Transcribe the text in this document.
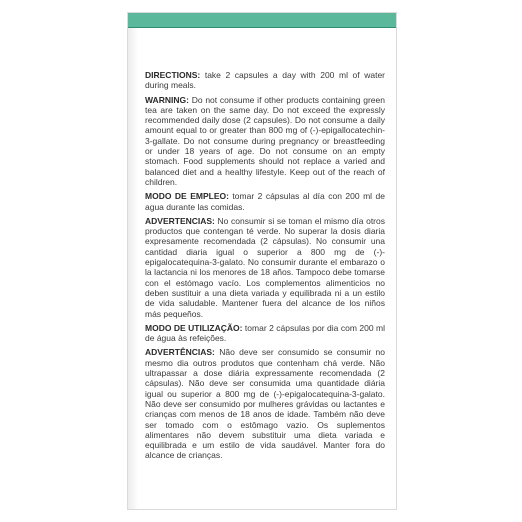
DIRECTIONS: take 2 capsules a day with 200 ml of water during meals.

WARNING: Do not consume if other products containing green tea are taken on the same day. Do not exceed the expressly recommended daily dose (2 capsules). Do not consume a daily amount equal to or greater than 800 mg of (-)-epigallocatechin-3-gallate. Do not consume during pregnancy or breastfeeding or under 18 years of age. Do not consume on an empty stomach. Food supplements should not replace a varied and balanced diet and a healthy lifestyle. Keep out of the reach of children.

MODO DE EMPLEO: tomar 2 cápsulas al día con 200 ml de agua durante las comidas.

ADVERTENCIAS: No consumir si se toman el mismo día otros productos que contengan té verde. No superar la dosis diaria expresamente recomendada (2 cápsulas). No consumir una cantidad diaria igual o superior a 800 mg de (-)-epigalocatequina-3-galato. No consumir durante el embarazo o la lactancia ni los menores de 18 años. Tampoco debe tomarse con el estómago vacío. Los complementos alimenticios no deben sustituir a una dieta variada y equilibrada ni a un estilo de vida saludable. Mantener fuera del alcance de los niños más pequeños.

MODO DE UTILIZAÇÃO: tomar 2 cápsulas por dia com 200 ml de água às refeições.

ADVERTÊNCIAS: Não deve ser consumido se consumir no mesmo dia outros produtos que contenham chá verde. Não ultrapassar a dose diária expressamente recomendada (2 cápsulas). Não deve ser consumida uma quantidade diária igual ou superior a 800 mg de (-)-epigalocatequina-3-galato. Não deve ser consumido por mulheres grávidas ou lactantes e crianças com menos de 18 anos de idade. Também não deve ser tomado com o estômago vazio. Os suplementos alimentares não devem substituir uma dieta variada e equilibrada e um estilo de vida saudável. Manter fora do alcance de crianças.
